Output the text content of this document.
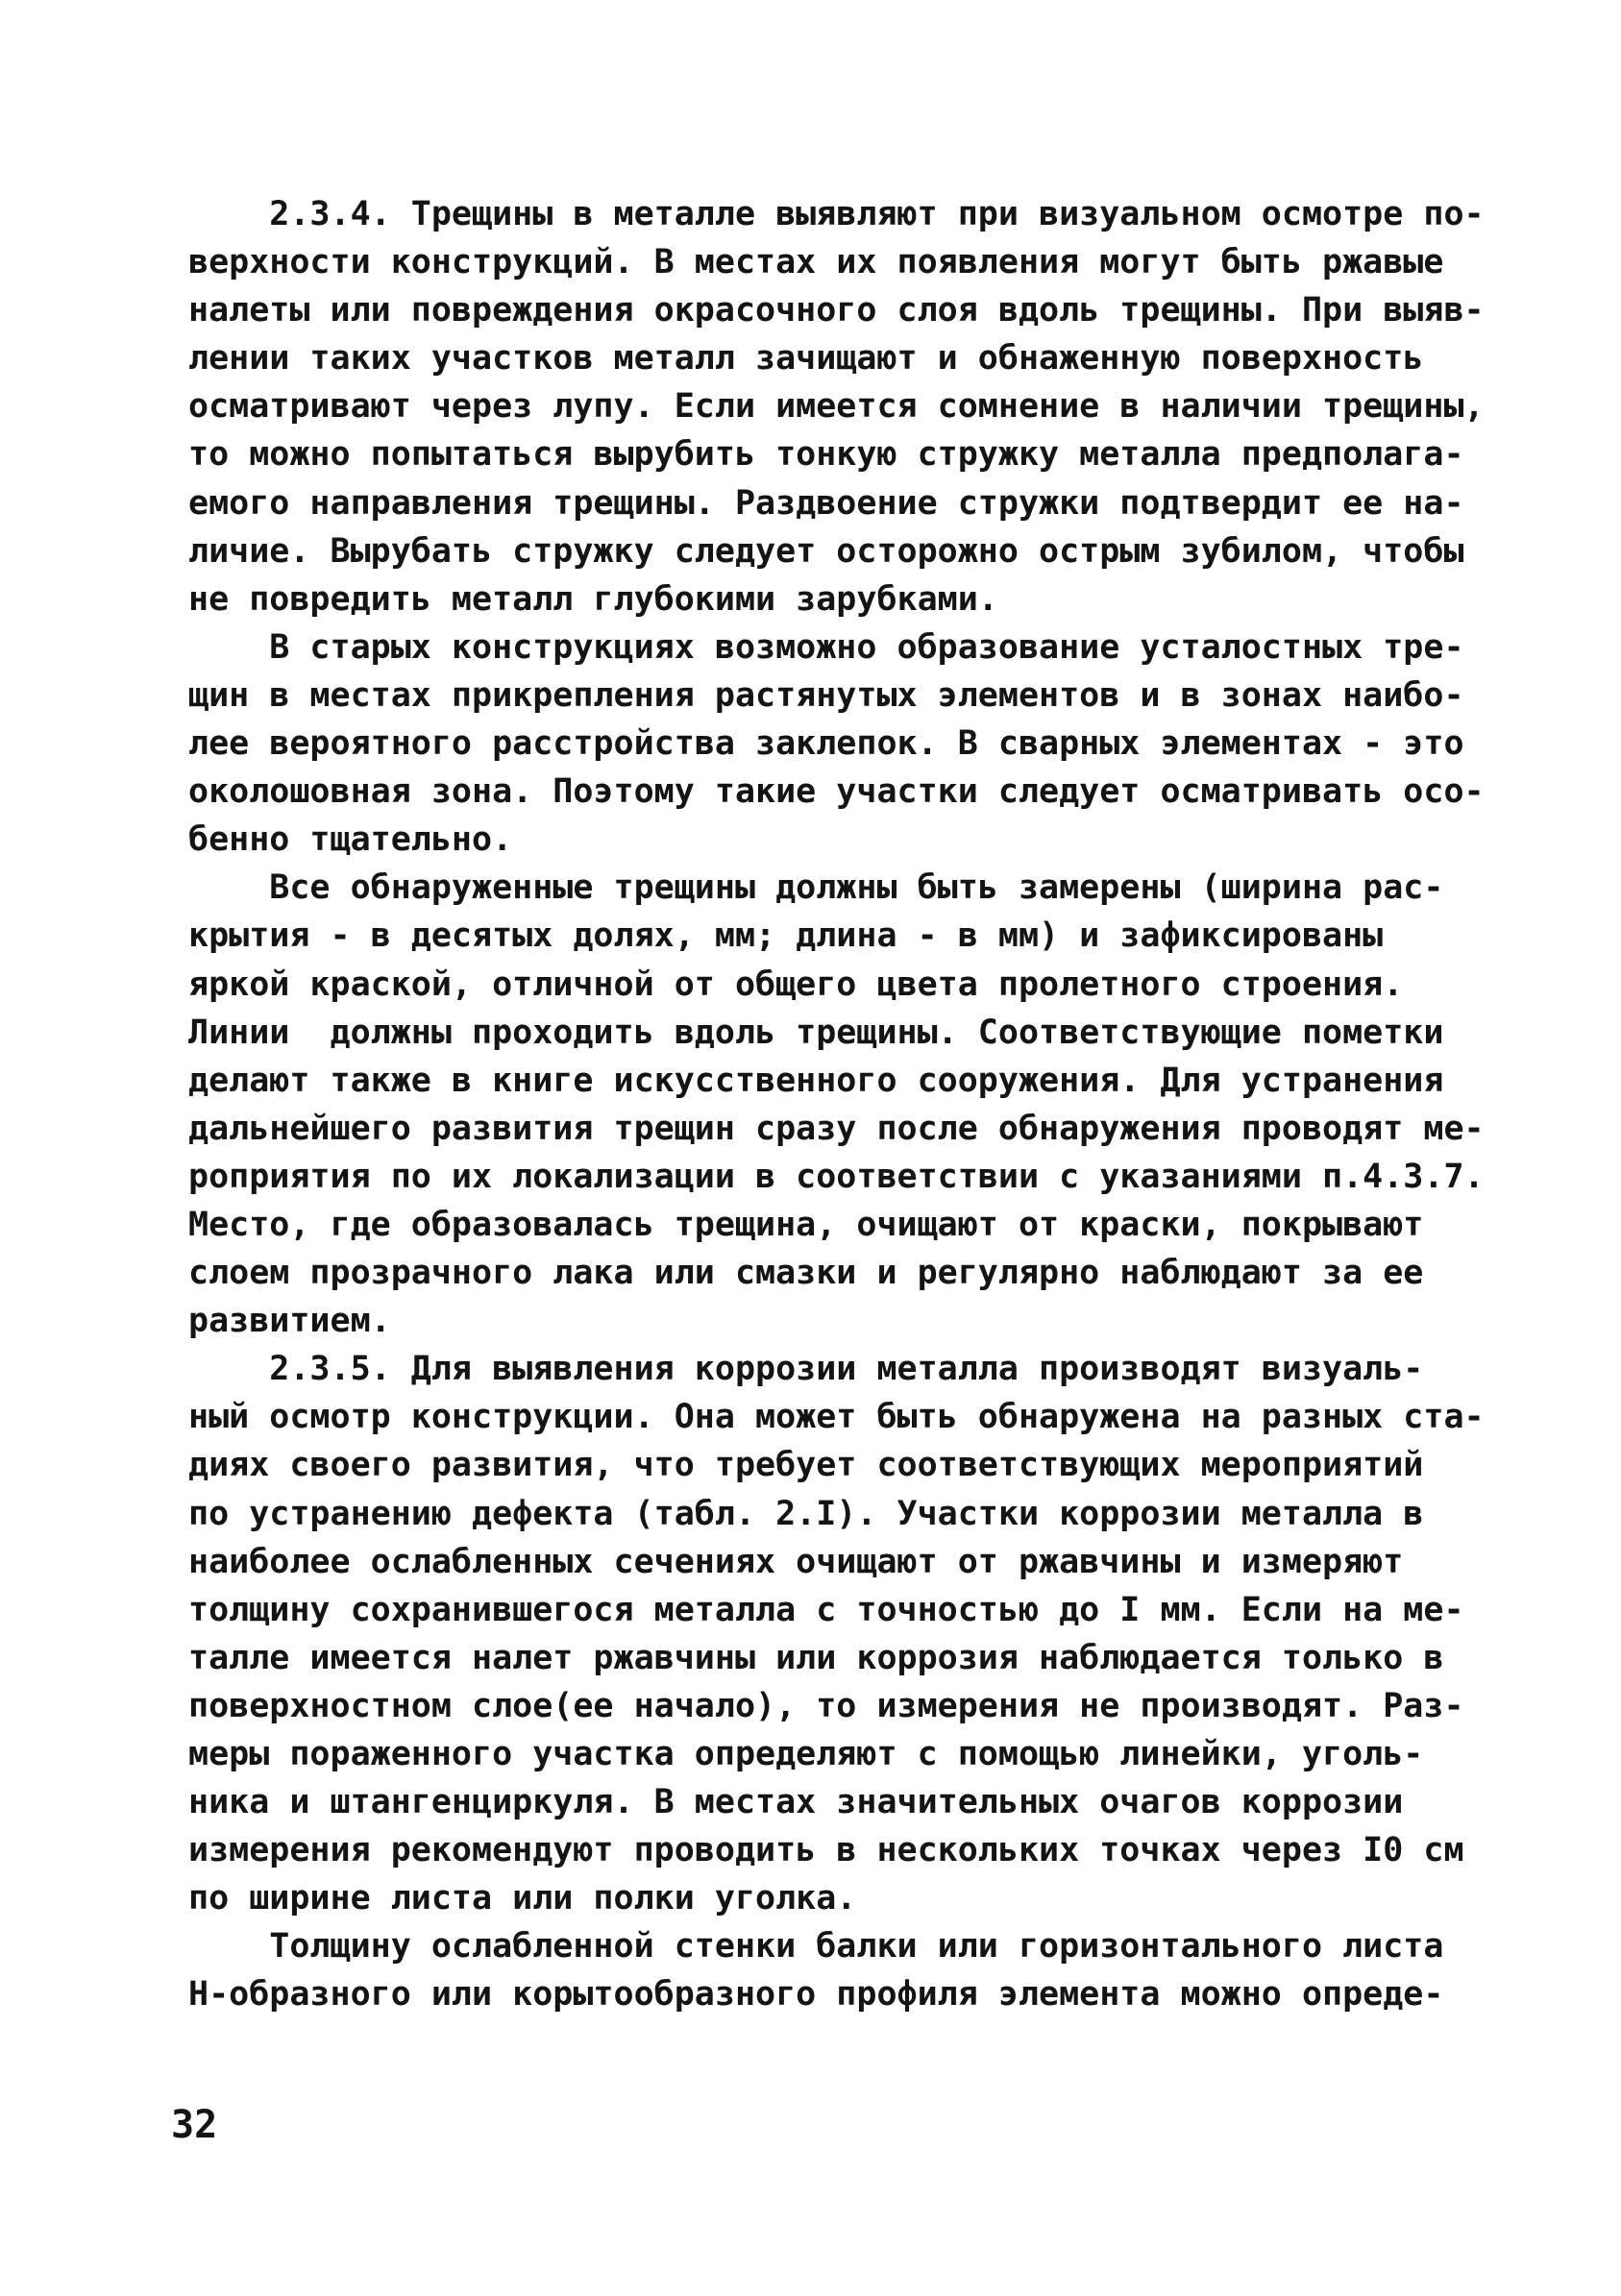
2.3.4. Трещины в металле выявляют при визуальном осмотре по-
верхности конструкций. В местах их появления могут быть ржавые
налеты или повреждения окрасочного слоя вдоль трещины. При выяв-
лении таких участков металл зачищают и обнаженную поверхность
осматривают через лупу. Если имеется сомнение в наличии трещины,
то можно попытаться вырубить тонкую стружку металла предполага-
емого направления трещины. Раздвоение стружки подтвердит ее на-
личие. Вырубать стружку следует осторожно острым зубилом, чтобы
не повредить металл глубокими зарубками.
В старых конструкциях возможно образование усталостных тре-
щин в местах прикрепления растянутых элементов и в зонах наибо-
лее вероятного расстройства заклепок. В сварных элементах - это
околошовная зона. Поэтому такие участки следует осматривать осо-
бенно тщательно.
Все обнаруженные трещины должны быть замерены (ширина рас-
крытия - в десятых долях, мм; длина - в мм) и зафиксированы
яркой краской, отличной от общего цвета пролетного строения.
Линии  должны проходить вдоль трещины. Соответствующие пометки
делают также в книге искусственного сооружения. Для устранения
дальнейшего развития трещин сразу после обнаружения проводят ме-
роприятия по их локализации в соответствии с указаниями п.4.3.7.
Место, где образовалась трещина, очищают от краски, покрывают
слоем прозрачного лака или смазки и регулярно наблюдают за ее
развитием.
2.3.5. Для выявления коррозии металла производят визуаль-
ный осмотр конструкции. Она может быть обнаружена на разных ста-
диях своего развития, что требует соответствующих мероприятий
по устранению дефекта (табл. 2.I). Участки коррозии металла в
наиболее ослабленных сечениях очищают от ржавчины и измеряют
толщину сохранившегося металла с точностью до I мм. Если на ме-
талле имеется налет ржавчины или коррозия наблюдается только в
поверхностном слое(ее начало), то измерения не производят. Раз-
меры пораженного участка определяют с помощью линейки, уголь-
ника и штангенциркуля. В местах значительных очагов коррозии
измерения рекомендуют проводить в нескольких точках через I0 см
по ширине листа или полки уголка.
Толщину ослабленной стенки балки или горизонтального листа
Н-образного или корытообразного профиля элемента можно опреде-
32
